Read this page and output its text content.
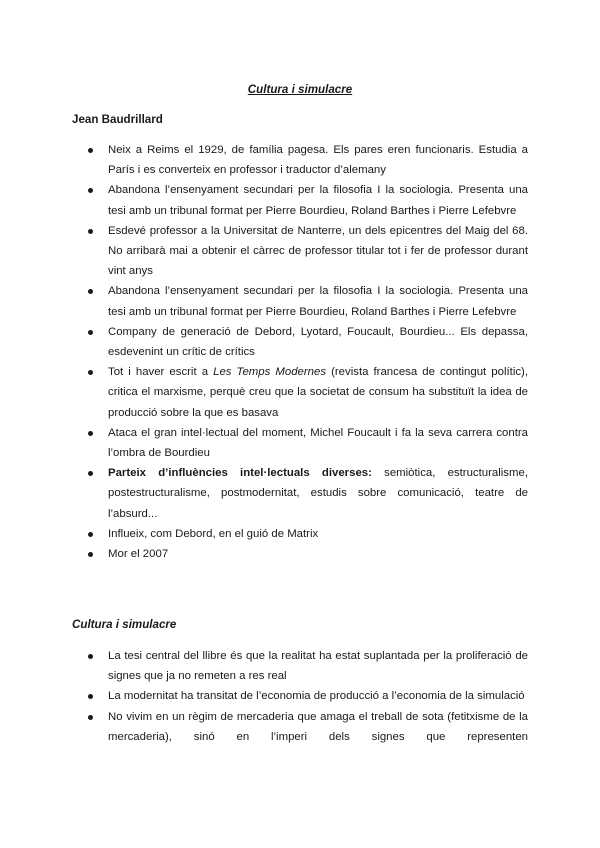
Cultura i simulacre
Jean Baudrillard
Neix a Reims el 1929, de família pagesa. Els pares eren funcionaris. Estudia a París i es converteix en professor i traductor d’alemany
Abandona l’ensenyament secundari per la filosofia I la sociologia. Presenta una tesi amb un tribunal format per Pierre Bourdieu, Roland Barthes i Pierre Lefebvre
Esdevé professor a la Universitat de Nanterre, un dels epicentres del Maig del 68. No arribarà mai a obtenir el càrrec de professor titular tot i fer de professor durant vint anys
Abandona l’ensenyament secundari per la filosofia I la sociologia. Presenta una tesi amb un tribunal format per Pierre Bourdieu, Roland Barthes i Pierre Lefebvre
Company de generació de Debord, Lyotard, Foucault, Bourdieu... Els depassa, esdevenint un crític de crítics
Tot i haver escrit a Les Temps Modernes (revista francesa de contingut polític), critica el marxisme, perquè creu que la societat de consum ha substituït la idea de producció sobre la que es basava
Ataca el gran intel·lectual del moment, Michel Foucault i fa la seva carrera contra l’ombra de Bourdieu
Parteix d’influències intel·lectuals diverses: semiòtica, estructuralisme, postestructuralisme, postmodernitat, estudis sobre comunicació, teatre de l’absurd...
Influeix, com Debord, en el guió de Matrix
Mor el 2007
Cultura i simulacre
La tesi central del llibre és que la realitat ha estat suplantada per la proliferació de signes que ja no remeten a res real
La modernitat ha transitat de l’economia de producció a l’economia de la simulació
No vivim en un règim de mercaderia que amaga el treball de sota (fetitxisme de la mercaderia), sinó en l’imperi dels signes que representen
